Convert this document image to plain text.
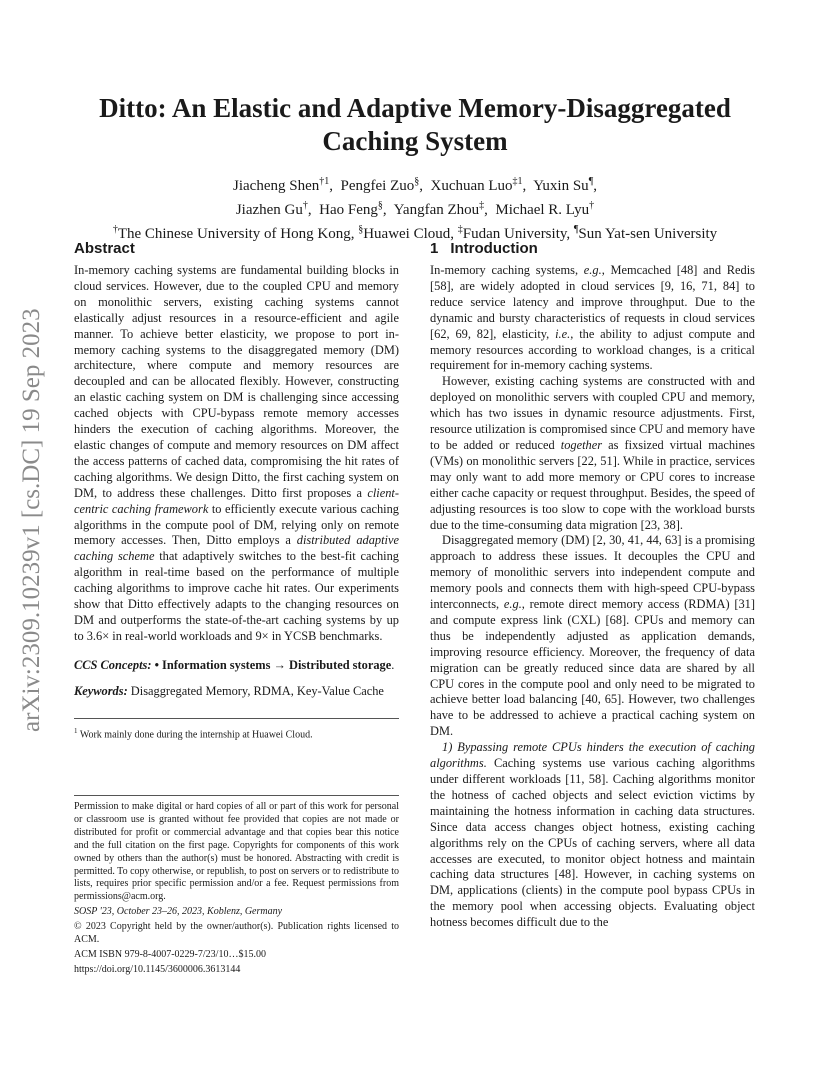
arXiv:2309.10239v1 [cs.DC] 19 Sep 2023
Ditto: An Elastic and Adaptive Memory-Disaggregated Caching System
Jiacheng Shen$^{\dagger 1}$,  Pengfei Zuo§,  Xuchuan Luo$^{\ddagger 1}$,  Yuxin Su¶,
Jiazhen Gu†,  Hao Feng§,  Yangfan Zhou‡,  Michael R. Lyu†
†The Chinese University of Hong Kong, §Huawei Cloud, ‡Fudan University, ¶Sun Yat-sen University
Abstract

In-memory caching systems are fundamental building blocks in cloud services. However, due to the coupled CPU and memory on monolithic servers, existing caching systems cannot elastically adjust resources in a resource-efficient and agile manner. To achieve better elasticity, we propose to port in-memory caching systems to the disaggregated memory (DM) architecture, where compute and memory resources are decoupled and can be allocated flexibly. However, constructing an elastic caching system on DM is challenging since accessing cached objects with CPU-bypass remote memory accesses hinders the execution of caching algorithms. Moreover, the elastic changes of compute and memory resources on DM affect the access patterns of cached data, compromising the hit rates of caching algorithms. We design Ditto, the first caching system on DM, to address these challenges. Ditto first proposes a client-centric caching framework to efficiently execute various caching algorithms in the compute pool of DM, relying only on remote memory accesses. Then, Ditto employs a distributed adaptive caching scheme that adaptively switches to the best-fit caching algorithm in real-time based on the performance of multiple caching algorithms to improve cache hit rates. Our experiments show that Ditto effectively adapts to the changing resources on DM and outperforms the state-of-the-art caching systems by up to 3.6× in real-world workloads and 9× in YCSB benchmarks.

CCS Concepts: • Information systems → Distributed storage.

Keywords: Disaggregated Memory, RDMA, Key-Value Cache

$^1$ Work mainly done during the internship at Huawei Cloud.

Permission to make digital or hard copies of all or part of this work for personal or classroom use is granted without fee provided that copies are not made or distributed for profit or commercial advantage and that copies bear this notice and the full citation on the first page. Copyrights for components of this work owned by others than the author(s) must be honored. Abstracting with credit is permitted. To copy otherwise, or republish, to post on servers or to redistribute to lists, requires prior specific permission and/or a fee. Request permissions from permissions@acm.org.

SOSP '23, October 23–26, 2023, Koblenz, Germany

© 2023 Copyright held by the owner/author(s). Publication rights licensed to ACM.

ACM ISBN 979-8-4007-0229-7/23/10…$15.00

https://doi.org/10.1145/3600006.3613144

1 Introduction

In-memory caching systems, e.g., Memcached [48] and Redis [58], are widely adopted in cloud services [9, 16, 71, 84] to reduce service latency and improve throughput. Due to the dynamic and bursty characteristics of requests in cloud services [62, 69, 82], elasticity, i.e., the ability to adjust compute and memory resources according to workload changes, is a critical requirement for in-memory caching systems.

However, existing caching systems are constructed with and deployed on monolithic servers with coupled CPU and memory, which has two issues in dynamic resource adjustments. First, resource utilization is compromised since CPU and memory have to be added or reduced together as fixsized virtual machines (VMs) on monolithic servers [22, 51]. While in practice, services may only want to add more memory or CPU cores to increase either cache capacity or request throughput. Besides, the speed of adjusting resources is too slow to cope with the workload bursts due to the time-consuming data migration [23, 38].

Disaggregated memory (DM) [2, 30, 41, 44, 63] is a promising approach to address these issues. It decouples the CPU and memory of monolithic servers into independent compute and memory pools and connects them with high-speed CPU-bypass interconnects, e.g., remote direct memory access (RDMA) [31] and compute express link (CXL) [68]. CPUs and memory can thus be independently adjusted as application demands, improving resource efficiency. Moreover, the frequency of data migration can be greatly reduced since data are shared by all CPU cores in the compute pool and only need to be migrated to achieve better load balancing [40, 65]. However, two challenges have to be addressed to achieve a practical caching system on DM.

1) Bypassing remote CPUs hinders the execution of caching algorithms. Caching systems use various caching algorithms under different workloads [11, 58]. Caching algorithms monitor the hotness of cached objects and select eviction victims by maintaining the hotness information in caching data structures. Since data access changes object hotness, existing caching algorithms rely on the CPUs of caching servers, where all data accesses are executed, to monitor object hotness and maintain caching data structures [48]. However, in caching systems on DM, applications (clients) in the compute pool bypass CPUs in the memory pool when accessing objects. Evaluating object hotness becomes difficult due to the
